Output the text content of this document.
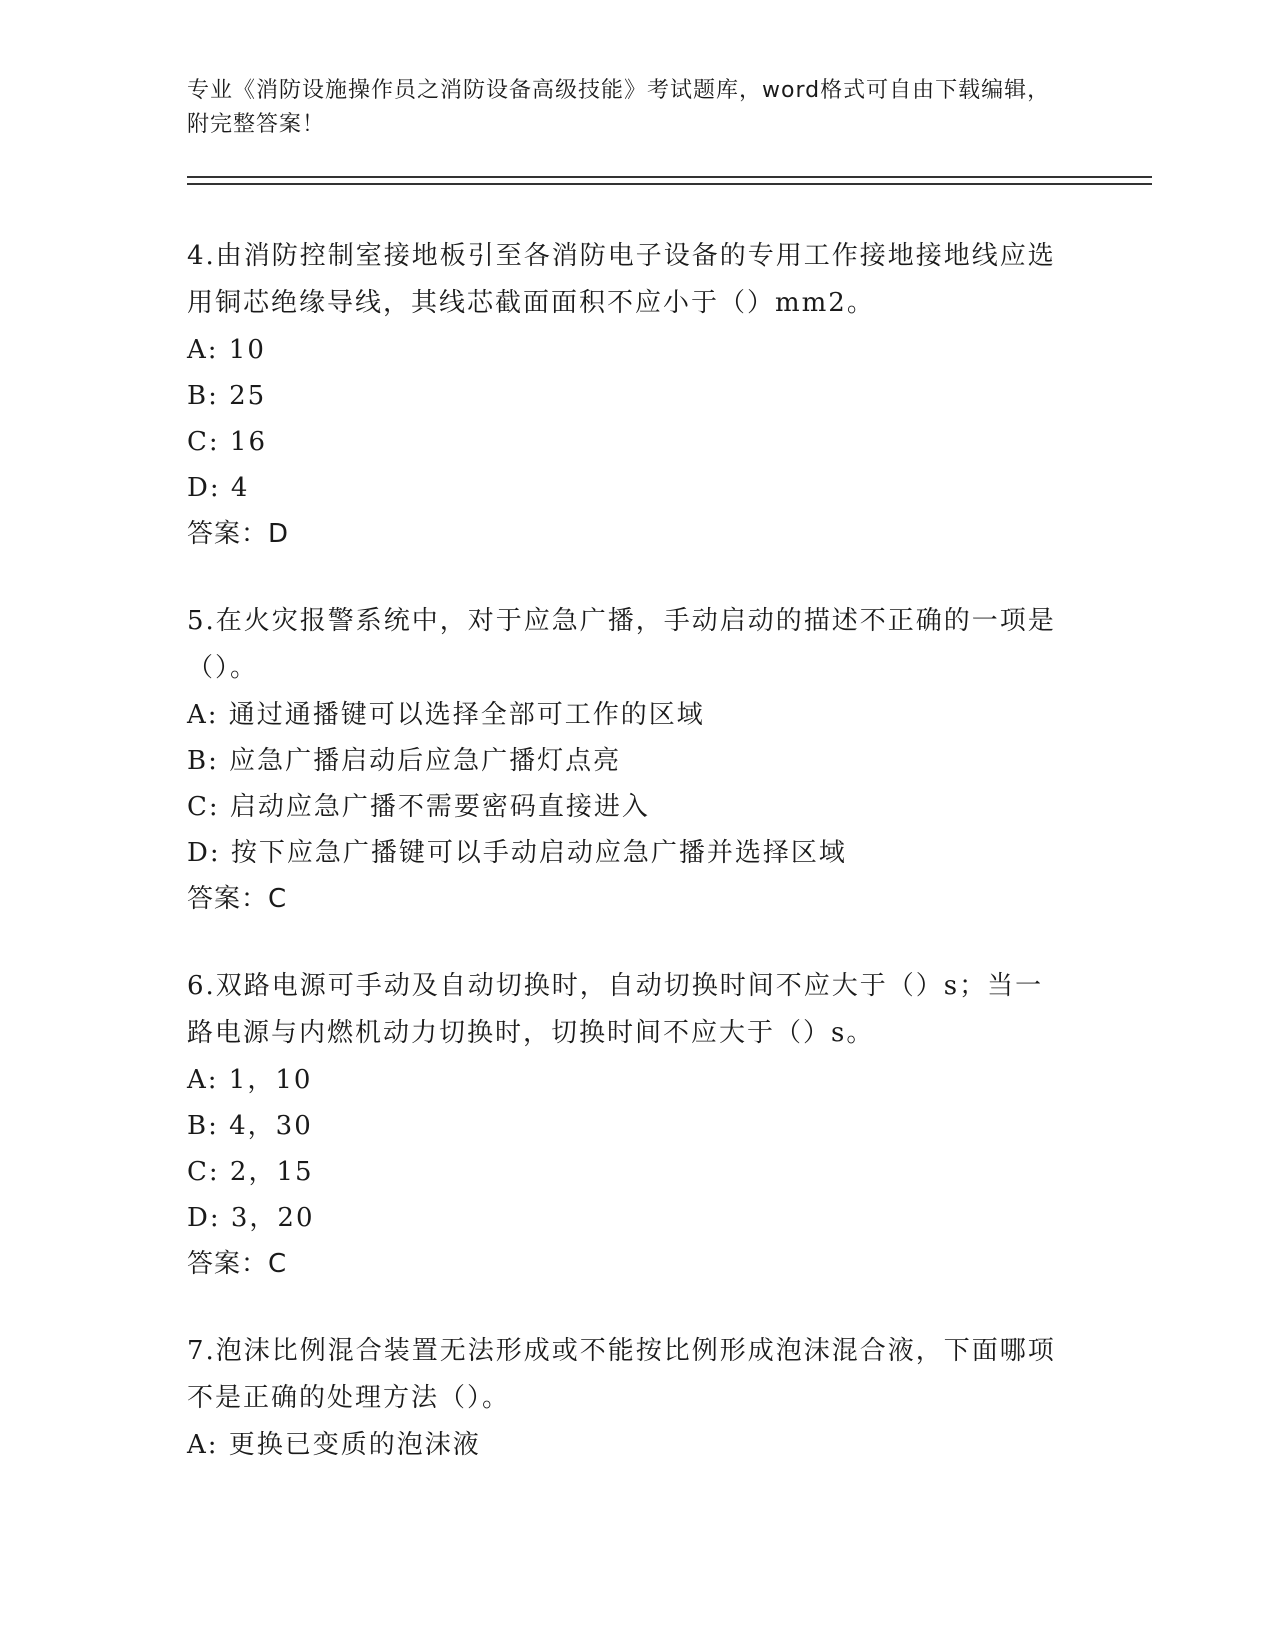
专业《消防设施操作员之消防设备高级技能》考试题库，word格式可自由下载编辑，附完整答案！

4.由消防控制室接地板引至各消防电子设备的专用工作接地接地线应选用铜芯绝缘导线，其线芯截面面积不应小于（）mm2。

A: 10

B: 25

C: 16

D: 4

答案：D

5.在火灾报警系统中，对于应急广播，手动启动的描述不正确的一项是（）。

A: 通过通播键可以选择全部可工作的区域

B: 应急广播启动后应急广播灯点亮

C: 启动应急广播不需要密码直接进入

D: 按下应急广播键可以手动启动应急广播并选择区域

答案：C

6.双路电源可手动及自动切换时，自动切换时间不应大于（）s；当一路电源与内燃机动力切换时，切换时间不应大于（）s。

A: 1，10

B: 4，30

C: 2，15

D: 3，20

答案：C

7.泡沫比例混合装置无法形成或不能按比例形成泡沫混合液，下面哪项不是正确的处理方法（）。

A: 更换已变质的泡沫液
